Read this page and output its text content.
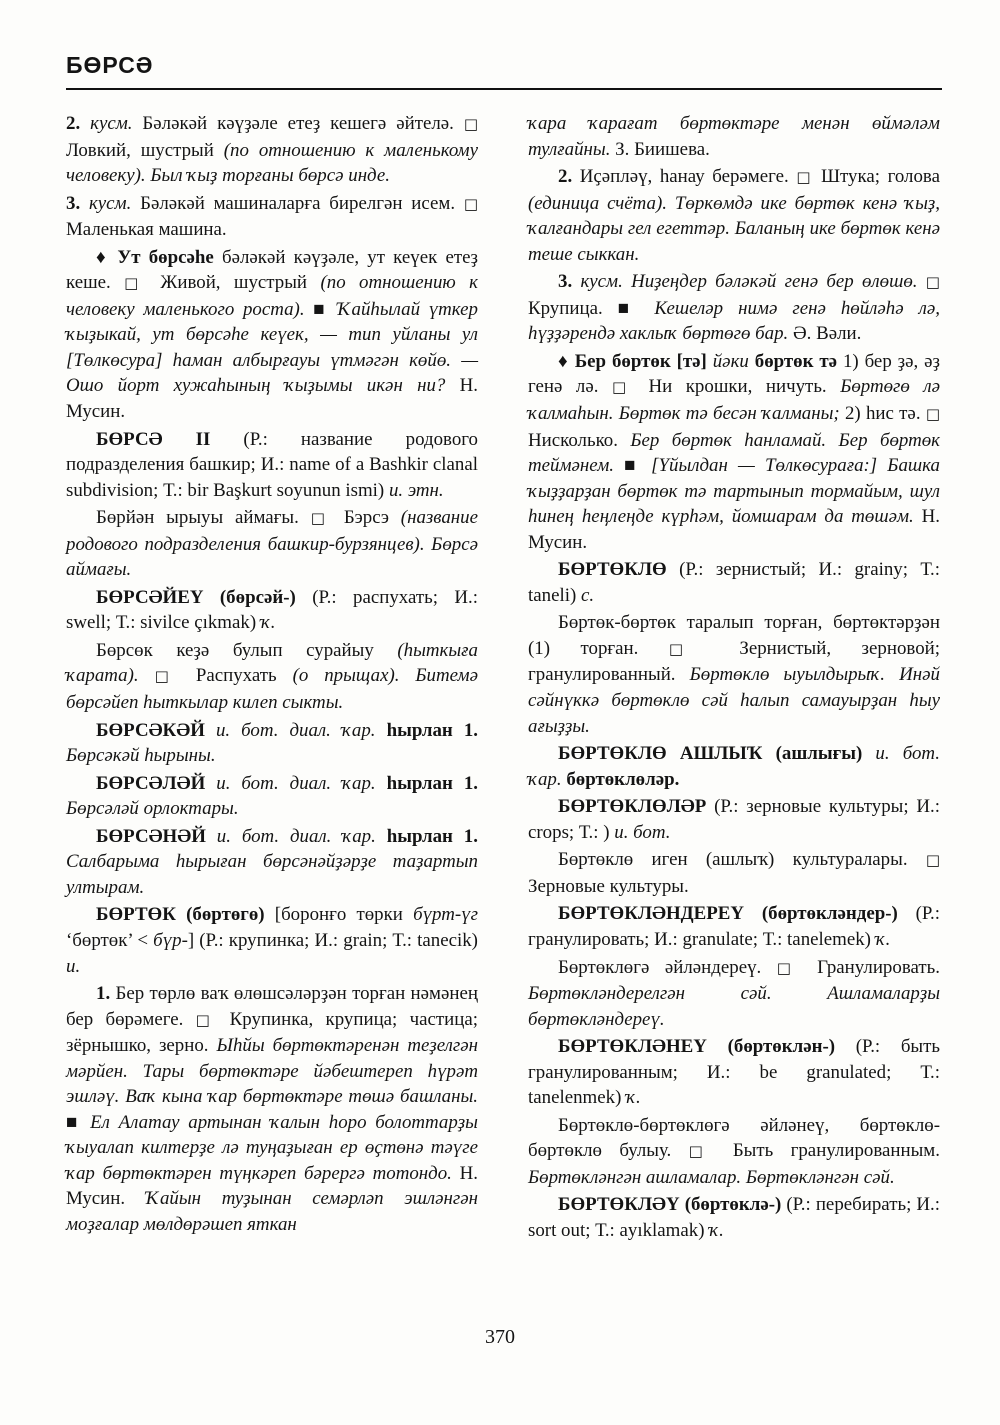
БӨРСӘ

2. кусм. Бәләкәй кәүҙәле етеҙ кешегә әйтелә. □ Ловкий, шустрый (по отношению к маленькому человеку). Был ҡыҙ торғаны бөрсә инде.

3. кусм. Бәләкәй машиналарға бирелгән исем. □ Маленькая машина.

♦ Ут бөрсәһе бәләкәй кәүҙәле, ут кеүек етеҙ кеше. □ Живой, шустрый (по отношению к человеку маленького роста). ■ Ҡайһылай үткер ҡыҙыкай, ут бөрсәһе кеүек, — тип уйланы ул [Төлкөсура] һаман албырғауы үтмәгән көйө. — Ошо йорт хужаһының ҡыҙымы икән ни? Н. Мусин.

БӨРСӘ II (Р.: название родового подразделения башкир; И.: name of a Bashkir clanal subdivision; Т.: bir Başkurt soyunun ismi) и. этн.

Бөрйән ырыуы аймағы. □ Бэрсэ (название родового подразделения башкир-бурзянцев). Бөрсә аймағы.

БӨРСӘЙЕҮ (бөрсәй-) (Р.: распухать; И.: swell; Т.: sivilce çıkmak) ҡ.

Бөрсөк кеҙә булып сурайыу (һыткыға ҡарата). □ Распухать (о прыщах). Битемә бөрсәйеп һыткылар килеп сыкты.

БӨРСӘКӘЙ и. бот. диал. ҡар. һырлан 1. Бөрсәкәй һырыны.

БӨРСӘЛӘЙ и. бот. диал. ҡар. һырлан 1. Бөрсәләй орлоктары.

БӨРСӘНӘЙ и. бот. диал. ҡар. һырлан 1. Салбарыма һырыған бөрсәнәйҙәрҙе таҙартып ултырам.

БӨРТӨК (бөртөгө) [боронғо төрки бүрт-үг ‘бөртөк’ < бүр-] (Р.: крупинка; И.: grain; Т.: tanecik) и.

1. Бер төрлө ваҡ өлөшсәләрҙән торған нәмәнең бер бөрәмеге. □ Крупинка, крупица; частица; зёрнышко, зерно. Ыһйы бөртөктәренән теҙелгән мәрйен. Тары бөртөктәре йәбештереп һүрәт эшләү. Ваҡ кына ҡар бөртөктәре төшә башланы. ■ Ел Алатау артынан ҡалын һоро болоттарҙы ҡыуалап килтерҙе лә туңаҙыған ер өҫтөнә тәүге ҡар бөртөктәрен түңкәреп бәрергә тотондо. Н. Мусин. Ҡайын туҙынан семәрләп эшләнгән моҙғалар мөлдөрәшеп яткан

ҡара ҡарағат бөртөктәре менән өймәләм тулғайны. З. Биишева.

2. Иҫәпләү, һанау берәмеге. □ Штука; голова (единица счёта). Төркөмдә ике бөртөк кенә ҡыҙ, ҡалғандары гел егеттәр. Баланың ике бөртөк кенә теше сыккан.

3. кусм. Ниҙеңдер бәләкәй генә бер өлөшө. □ Крупица. ■ Кешеләр нимә генә һөйләһә лә, һүҙҙәрендә хаклыҡ бөртөгө бар. Ә. Вәли.

♦ Бер бөртөк [тә] йәки бөртөк тә 1) бер ҙә, әҙ генә лә. □ Ни крошки, ничуть. Бөртөгө лә ҡалмаһын. Бөртөк тә бесән ҡалманы; 2) һис тә. □ Нисколько. Бер бөртөк һанламай. Бер бөртөк теймәнем. ■ [Үйылдан — Төлкөсураға:] Башка ҡыҙҙарҙан бөртөк тә тартынып тормайым, шул һинең һеңлеңде күрһәм, йомшарам да төшәм. Н. Мусин.

БӨРТӨКЛӨ (Р.: зернистый; И.: grainy; Т.: taneli) с.

Бөртөк-бөртөк таралып торған, бөртөктәрҙән (1) торған. □ Зернистый, зерновой; гранулированный. Бөртөклө ыуылдырыҡ. Инәй сәйнүккә бөртөклө сәй һалып самауырҙан һыу ағыҙҙы.

БӨРТӨКЛӨ АШЛЫҠ (ашлығы) и. бот. ҡар. бөртөклөләр.

БӨРТӨКЛӨЛӘР (Р.: зерновые культуры; И.: crops; Т.: ) и. бот.

Бөртөклө иген (ашлыҡ) культуралары. □ Зерновые культуры.

БӨРТӨКЛӘНДЕРЕҮ (бөртөкләндер-) (Р.: гранулировать; И.: granulate; Т.: tanelemek) ҡ.

Бөртөклөгә әйләндереү. □ Гранулировать. Бөртөкләндерелгән сәй. Ашламаларҙы бөртөкләндереү.

БӨРТӨКЛӘНЕҮ (бөртөклән-) (Р.: быть гранулированным; И.: be granulated; Т.: tanelenmek) ҡ.

Бөртөклө-бөртөклөгә әйләнеү, бөртөклө-бөртөклө булыу. □ Быть гранулированным. Бөртөкләнгән ашламалар. Бөртөкләнгән сәй.

БӨРТӨКЛӘҮ (бөртөклә-) (Р.: перебирать; И.: sort out; Т.: ayıklamak) ҡ.

370
